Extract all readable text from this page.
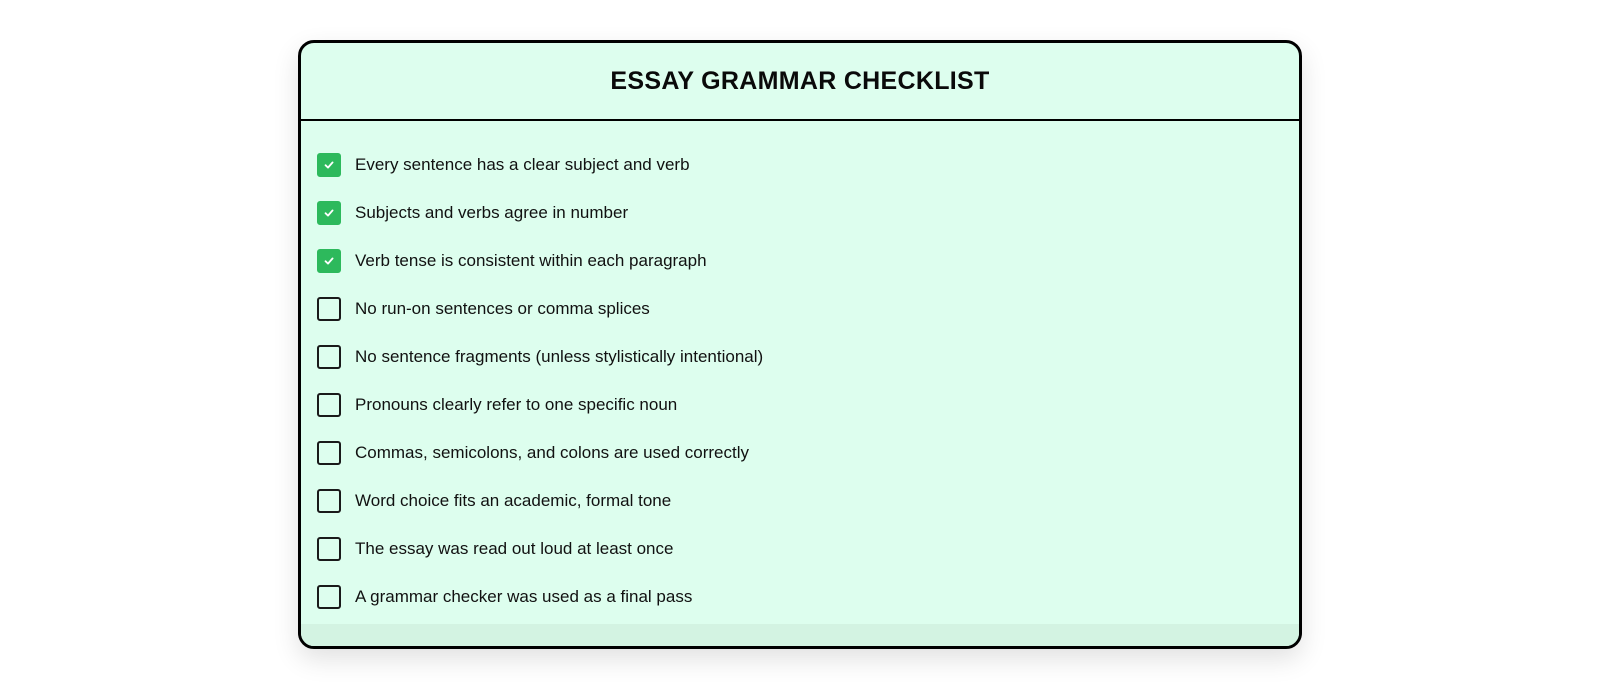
ESSAY GRAMMAR CHECKLIST
Every sentence has a clear subject and verb
Subjects and verbs agree in number
Verb tense is consistent within each paragraph
No run-on sentences or comma splices
No sentence fragments (unless stylistically intentional)
Pronouns clearly refer to one specific noun
Commas, semicolons, and colons are used correctly
Word choice fits an academic, formal tone
The essay was read out loud at least once
A grammar checker was used as a final pass
